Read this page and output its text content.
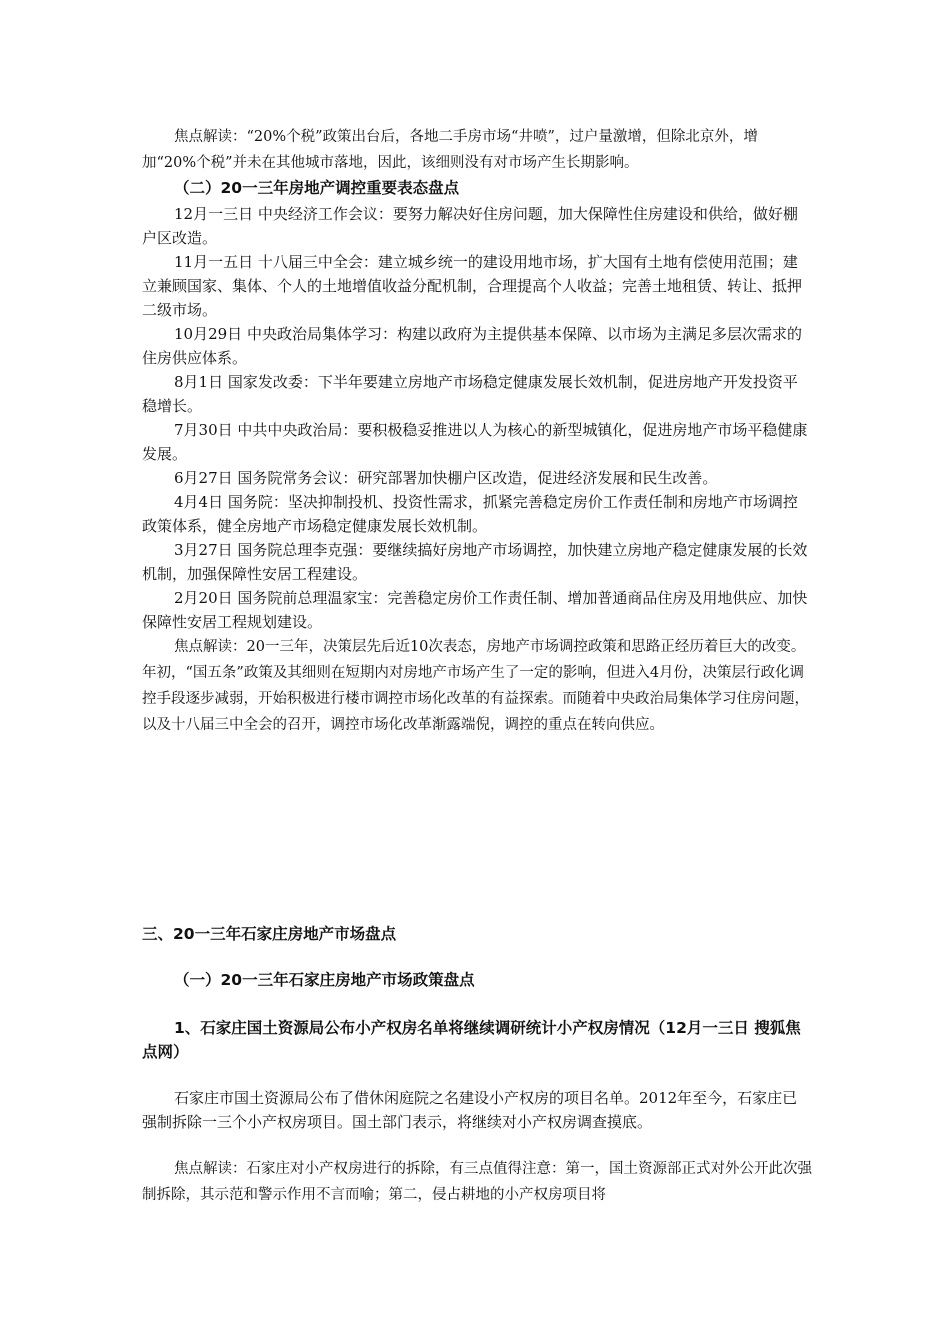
焦点解读：“20%个税”政策出台后，各地二手房市场“井喷”，过户量激增，但除北京外，增加“20%个税”并未在其他城市落地，因此，该细则没有对市场产生长期影响。

（二）20一三年房地产调控重要表态盘点

12月一三日 中央经济工作会议：要努力解决好住房问题，加大保障性住房建设和供给，做好棚户区改造。

11月一五日 十八届三中全会：建立城乡统一的建设用地市场，扩大国有土地有偿使用范围；建立兼顾国家、集体、个人的土地增值收益分配机制，合理提高个人收益；完善土地租赁、转让、抵押二级市场。

10月29日 中央政治局集体学习：构建以政府为主提供基本保障、以市场为主满足多层次需求的住房供应体系。

8月1日 国家发改委：下半年要建立房地产市场稳定健康发展长效机制，促进房地产开发投资平稳增长。

7月30日 中共中央政治局：要积极稳妥推进以人为核心的新型城镇化，促进房地产市场平稳健康发展。

6月27日 国务院常务会议：研究部署加快棚户区改造，促进经济发展和民生改善。

4月4日 国务院：坚决抑制投机、投资性需求，抓紧完善稳定房价工作责任制和房地产市场调控政策体系，健全房地产市场稳定健康发展长效机制。

3月27日 国务院总理李克强：要继续搞好房地产市场调控，加快建立房地产稳定健康发展的长效机制，加强保障性安居工程建设。

2月20日 国务院前总理温家宝：完善稳定房价工作责任制、增加普通商品住房及用地供应、加快保障性安居工程规划建设。

焦点解读：20一三年，决策层先后近10次表态，房地产市场调控政策和思路正经历着巨大的改变。年初，“国五条”政策及其细则在短期内对房地产市场产生了一定的影响，但进入4月份，决策层行政化调控手段逐步减弱，开始积极进行楼市调控市场化改革的有益探索。而随着中央政治局集体学习住房问题，以及十八届三中全会的召开，调控市场化改革渐露端倪，调控的重点在转向供应。

三、20一三年石家庄房地产市场盘点

（一）20一三年石家庄房地产市场政策盘点

1、石家庄国土资源局公布小产权房名单将继续调研统计小产权房情况（12月一三日 搜狐焦点网）

石家庄市国土资源局公布了借休闲庭院之名建设小产权房的项目名单。2012年至今，石家庄已强制拆除一三个小产权房项目。国土部门表示，将继续对小产权房调查摸底。

焦点解读：石家庄对小产权房进行的拆除，有三点值得注意：第一，国土资源部正式对外公开此次强制拆除，其示范和警示作用不言而喻；第二，侵占耕地的小产权房项目将
